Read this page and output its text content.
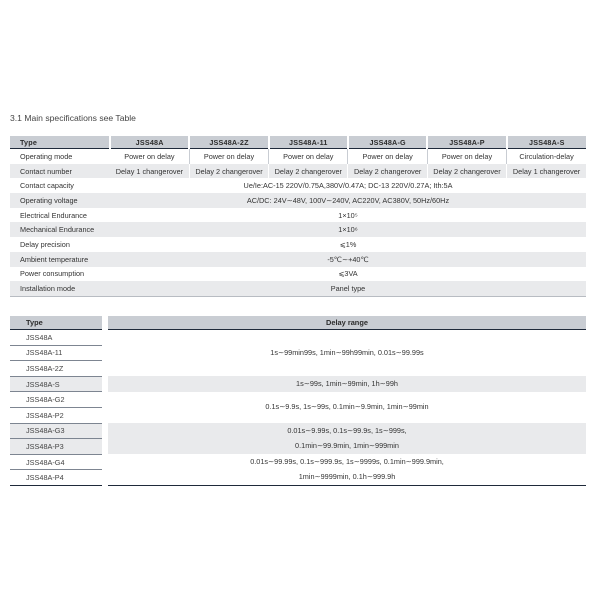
3.1 Main specifications see Table
Type	JSS48A	JSS48A-2Z	JSS48A-11	JSS48A-G	JSS48A-P	JSS48A-S
Operating mode	Power on delay	Power on delay	Power on delay	Power on delay	Power on delay	Circulation-delay
Contact number	Delay 1 changerover	Delay 2 changerover	Delay 2 changerover	Delay 2 changerover	Delay 2 changerover	Delay 1 changerover
Contact capacity	Ue/Ie:AC-15 220V/0.75A,380V/0.47A; DC-13 220V/0.27A; Ith:5A					
Operating voltage	AC/DC: 24V∼48V, 100V∼240V, AC220V, AC380V, 50Hz/60Hz					
Electrical Endurance	1×10⁵					
Mechanical Endurance	1×10⁶					
Delay precision	⩽1%					
Ambient temperature	-5℃∼+40℃					
Power consumption	⩽3VA					
Installation mode	Panel type					
Type	Delay range
JSS48A	1s∼99min99s, 1min∼99h99min, 0.01s∼99.99s
JSS48A-11	
JSS48A-2Z	
JSS48A-S	1s∼99s, 1min∼99min, 1h∼99h
JSS48A-G2	0.1s∼9.9s, 1s∼99s, 0.1min∼9.9min, 1min∼99min
JSS48A-P2	
JSS48A-G3	0.01s∼9.99s, 0.1s∼99.9s, 1s∼999s,
0.1min∼99.9min, 1min∼999min
JSS48A-P3	
JSS48A-G4	0.01s∼99.99s, 0.1s∼999.9s, 1s∼9999s, 0.1min∼999.9min,
1min∼9999min, 0.1h∼999.9h
JSS48A-P4	
